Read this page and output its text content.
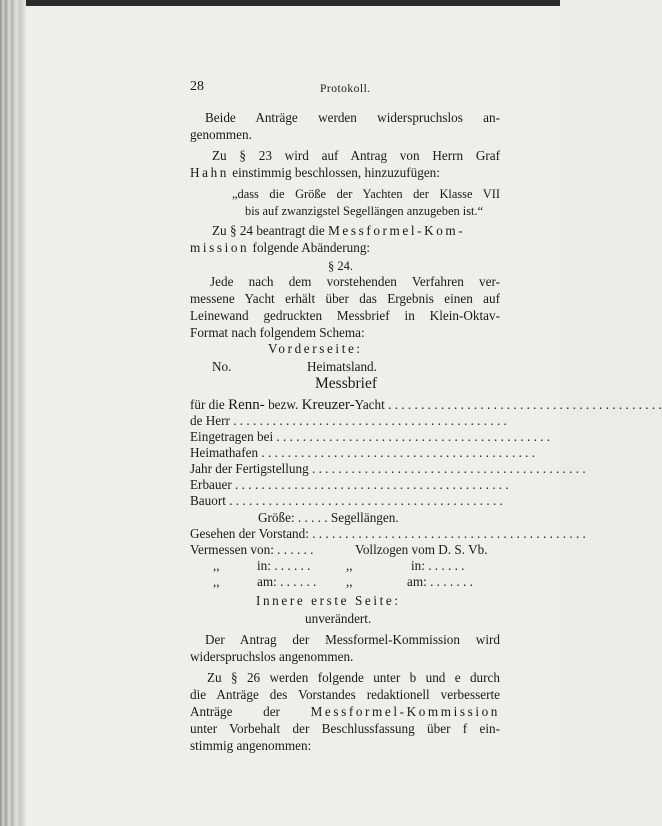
28	Protokoll.
Beide Anträge werden widerspruchslos an-
genommen.
Zu § 23 wird auf Antrag von Herrn Graf
Hahn einstimmig beschlossen, hinzuzufügen:
„dass die Größe der Yachten der Klasse VII
bis auf zwanzigstel Segellängen anzugeben ist.“
Zu § 24 beantragt die Messformel-Kom-
mission folgende Abänderung:
§ 24.
Jede nach dem vorstehenden Verfahren ver-
messene Yacht erhält über das Ergebnis einen auf
Leinewand gedruckten Messbrief in Klein-Oktav-
Format nach folgendem Schema:
Vorderseite:
No.	Heimatsland.
Messbrief
für die Renn- bezw. Kreuzer-Yacht . . . . . . . . . . . . . . . . . . . . . . . . . . . . . . . . . . . . . . . . . .
de Herr . . . . . . . . . . . . . . . . . . . . . . . . . . . . . . . . . . . . . . . . . .
Eingetragen bei . . . . . . . . . . . . . . . . . . . . . . . . . . . . . . . . . . . . . . . . . .
Heimathafen . . . . . . . . . . . . . . . . . . . . . . . . . . . . . . . . . . . . . . . . . .
Jahr der Fertigstellung . . . . . . . . . . . . . . . . . . . . . . . . . . . . . . . . . . . . . . . . . .
Erbauer . . . . . . . . . . . . . . . . . . . . . . . . . . . . . . . . . . . . . . . . . .
Bauort . . . . . . . . . . . . . . . . . . . . . . . . . . . . . . . . . . . . . . . . . .
Größe: . . . . . Segellängen.
Gesehen der Vorstand: . . . . . . . . . . . . . . . . . . . . . . . . . . . . . . . . . . . . . . . . . .
Vermessen von: . . . . . .	Vollzogen vom D. S. Vb.
,,	in: . . . . . .	,,	in: . . . . . .
,,	am: . . . . . . ,,	am: . . . . . . .
Innere erste Seite:
unverändert.
Der Antrag der Messformel-Kommission wird
widerspruchslos angenommen.
Zu § 26 werden folgende unter b und e durch
die Anträge des Vorstandes redaktionell verbesserte
Anträge der Messformel-Kommission
unter Vorbehalt der Beschlussfassung über f ein-
stimmig angenommen:
